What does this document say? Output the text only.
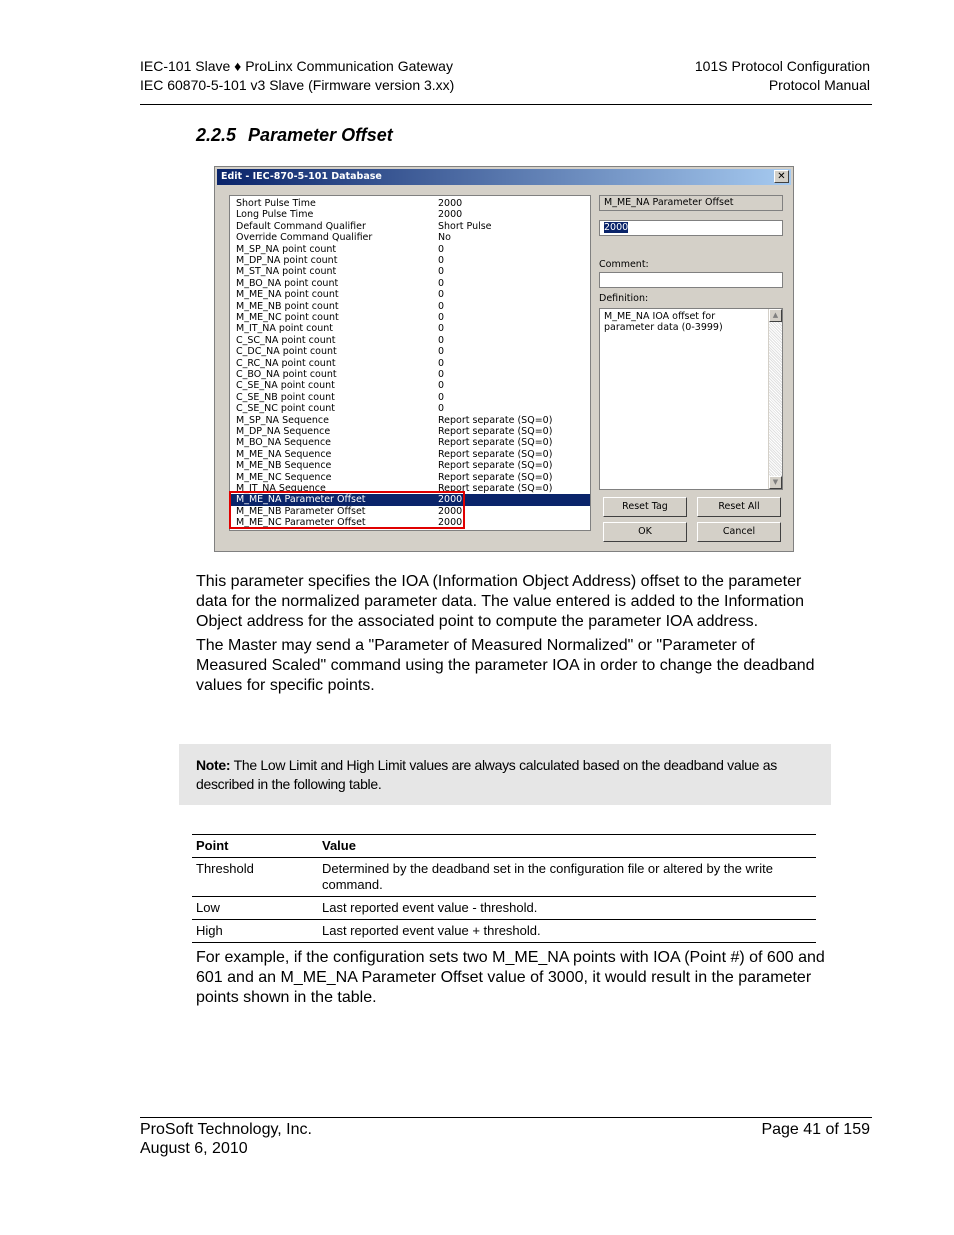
IEC-101 Slave ♦ ProLinx Communication Gateway
IEC 60870-5-101 v3 Slave (Firmware version 3.xx)
101S Protocol Configuration
Protocol Manual
2.2.5 Parameter Offset
Edit - IEC-870-5-101 Database	✕
Short Pulse Time	2000
Long Pulse Time	2000
Default Command Qualifier	Short Pulse
Override Command Qualifier	No
M_SP_NA point count	0
M_DP_NA point count	0
M_ST_NA point count	0
M_BO_NA point count	0
M_ME_NA point count	0
M_ME_NB point count	0
M_ME_NC point count	0
M_IT_NA point count	0
C_SC_NA point count	0
C_DC_NA point count	0
C_RC_NA point count	0
C_BO_NA point count	0
C_SE_NA point count	0
C_SE_NB point count	0
C_SE_NC point count	0
M_SP_NA Sequence	Report separate (SQ=0)
M_DP_NA Sequence	Report separate (SQ=0)
M_BO_NA Sequence	Report separate (SQ=0)
M_ME_NA Sequence	Report separate (SQ=0)
M_ME_NB Sequence	Report separate (SQ=0)
M_ME_NC Sequence	Report separate (SQ=0)
M_IT_NA Sequence	Report separate (SQ=0)
M_ME_NA Parameter Offset	2000
M_ME_NB Parameter Offset	2000
M_ME_NC Parameter Offset	2000
M_ME_NA Parameter Offset
2000
Comment:
Definition:
M_ME_NA IOA offset for
parameter data (0-3999)
▲
▼
Reset Tag	Reset All
OK	Cancel

This parameter specifies the IOA (Information Object Address) offset to the parameter data for the normalized parameter data. The value entered is added to the Information Object address for the associated point to compute the parameter IOA address.

The Master may send a "Parameter of Measured Normalized" or "Parameter of Measured Scaled" command using the parameter IOA in order to change the deadband values for specific points.

Note: The Low Limit and High Limit values are always calculated based on the deadband value as described in the following table.
Point	Value
Threshold	Determined by the deadband set in the configuration file or altered by the write command.
Low	Last reported event value - threshold.
High	Last reported event value + threshold.
For example, if the configuration sets two M_ME_NA points with IOA (Point #) of 600 and 601 and an M_ME_NA Parameter Offset value of 3000, it would result in the parameter points shown in the table.
ProSoft Technology, Inc.
August 6, 2010
Page 41 of 159
